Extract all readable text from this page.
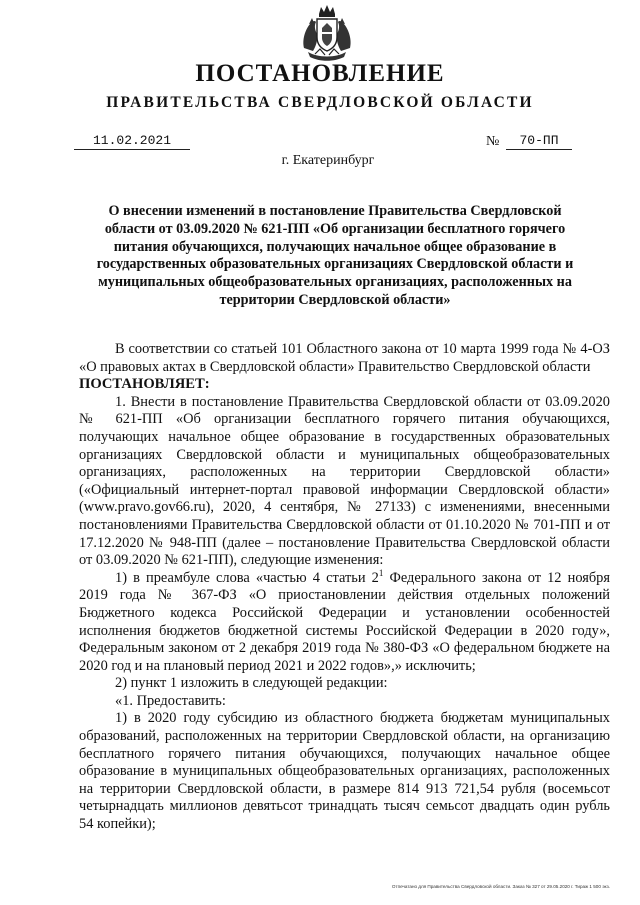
ПОСТАНОВЛЕНИЕ
ПРАВИТЕЛЬСТВА СВЕРДЛОВСКОЙ ОБЛАСТИ
11.02.2021	№	70-ПП
г. Екатеринбург
О внесении изменений в постановление Правительства Свердловской области от 03.09.2020 № 621-ПП «Об организации бесплатного горячего питания обучающихся, получающих начальное общее образование в государственных образовательных организациях Свердловской области и муниципальных общеобразовательных организациях, расположенных на территории Свердловской области»

В соответствии со статьей 101 Областного закона от 10 марта 1999 года № 4-ОЗ «О правовых актах в Свердловской области» Правительство Свердловской области

ПОСТАНОВЛЯЕТ:

1. Внести в постановление Правительства Свердловской области от 03.09.2020 № 621-ПП «Об организации бесплатного горячего питания обучающихся, получающих начальное общее образование в государственных образовательных организациях Свердловской области и муниципальных общеобразовательных организациях, расположенных на территории Свердловской области» («Официальный интернет-портал правовой информации Свердловской области» (www.pravo.gov66.ru), 2020, 4 сентября, № 27133) с изменениями, внесенными постановлениями Правительства Свердловской области от 01.10.2020 № 701-ПП и от 17.12.2020 № 948-ПП (далее – постановление Правительства Свердловской области от 03.09.2020 № 621-ПП), следующие изменения:

1) в преамбуле слова «частью 4 статьи $2^1$ Федерального закона от 12 ноября 2019 года № 367-ФЗ «О приостановлении действия отдельных положений Бюджетного кодекса Российской Федерации и установлении особенностей исполнения бюджетов бюджетной системы Российской Федерации в 2020 году», Федеральным законом от 2 декабря 2019 года № 380-ФЗ «О федеральном бюджете на 2020 год и на плановый период 2021 и 2022 годов»,» исключить;

2) пункт 1 изложить в следующей редакции:

«1. Предоставить:

1) в 2020 году субсидию из областного бюджета бюджетам муниципальных образований, расположенных на территории Свердловской области, на организацию бесплатного горячего питания обучающихся, получающих начальное общее образование в муниципальных общеобразовательных организациях, расположенных на территории Свердловской области, в размере 814 913 721,54 рубля (восемьсот четырнадцать миллионов девятьсот тринадцать тысяч семьсот двадцать один рубль 54 копейки);

Отпечатано для Правительства Свердловской области. Заказ № 327 от 29.05.2020 г. Тираж 1 500 экз.
